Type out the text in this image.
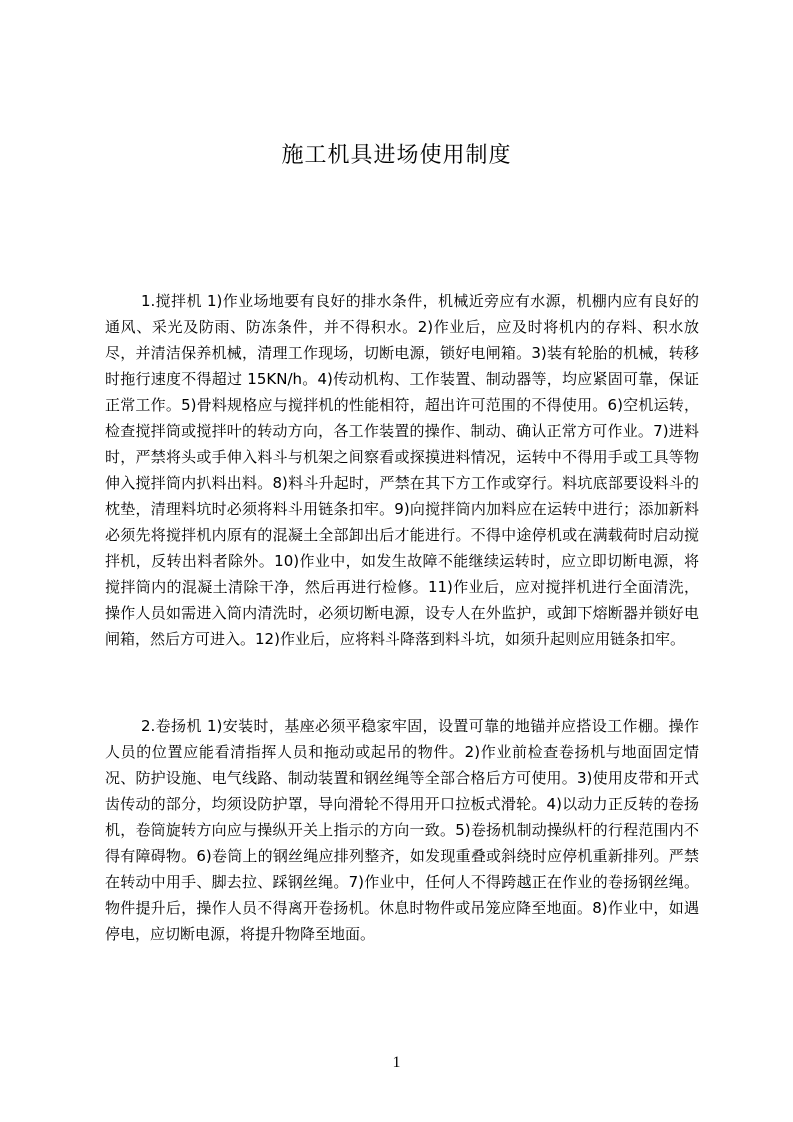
施工机具进场使用制度
1.搅拌机 1)作业场地要有良好的排水条件，机械近旁应有水源，机棚内应有良好的通风、采光及防雨、防冻条件，并不得积水。2)作业后，应及时将机内的存料、积水放尽，并清洁保养机械，清理工作现场，切断电源，锁好电闸箱。3)装有轮胎的机械，转移时拖行速度不得超过 15KN/h。4)传动机构、工作装置、制动器等，均应紧固可靠，保证正常工作。5)骨料规格应与搅拌机的性能相符，超出许可范围的不得使用。6)空机运转，检查搅拌筒或搅拌叶的转动方向，各工作装置的操作、制动、确认正常方可作业。7)进料时，严禁将头或手伸入料斗与机架之间察看或探摸进料情况，运转中不得用手或工具等物伸入搅拌筒内扒料出料。8)料斗升起时，严禁在其下方工作或穿行。料坑底部要设料斗的枕垫，清理料坑时必须将料斗用链条扣牢。9)向搅拌筒内加料应在运转中进行；添加新料必须先将搅拌机内原有的混凝土全部卸出后才能进行。不得中途停机或在满载荷时启动搅拌机，反转出料者除外。10)作业中，如发生故障不能继续运转时，应立即切断电源，将搅拌筒内的混凝土清除干净，然后再进行检修。11)作业后，应对搅拌机进行全面清洗，操作人员如需进入筒内清洗时，必须切断电源，设专人在外监护，或卸下熔断器并锁好电闸箱，然后方可进入。12)作业后，应将料斗降落到料斗坑，如须升起则应用链条扣牢。
2.卷扬机 1)安装时，基座必须平稳家牢固，设置可靠的地锚并应搭设工作棚。操作人员的位置应能看清指挥人员和拖动或起吊的物件。2)作业前检查卷扬机与地面固定情况、防护设施、电气线路、制动装置和钢丝绳等全部合格后方可使用。3)使用皮带和开式齿传动的部分，均须设防护罩，导向滑轮不得用开口拉板式滑轮。4)以动力正反转的卷扬机，卷筒旋转方向应与操纵开关上指示的方向一致。5)卷扬机制动操纵杆的行程范围内不得有障碍物。6)卷筒上的钢丝绳应排列整齐，如发现重叠或斜绕时应停机重新排列。严禁在转动中用手、脚去拉、踩钢丝绳。7)作业中，任何人不得跨越正在作业的卷扬钢丝绳。物件提升后，操作人员不得离开卷扬机。休息时物件或吊笼应降至地面。8)作业中，如遇停电，应切断电源，将提升物降至地面。
1
